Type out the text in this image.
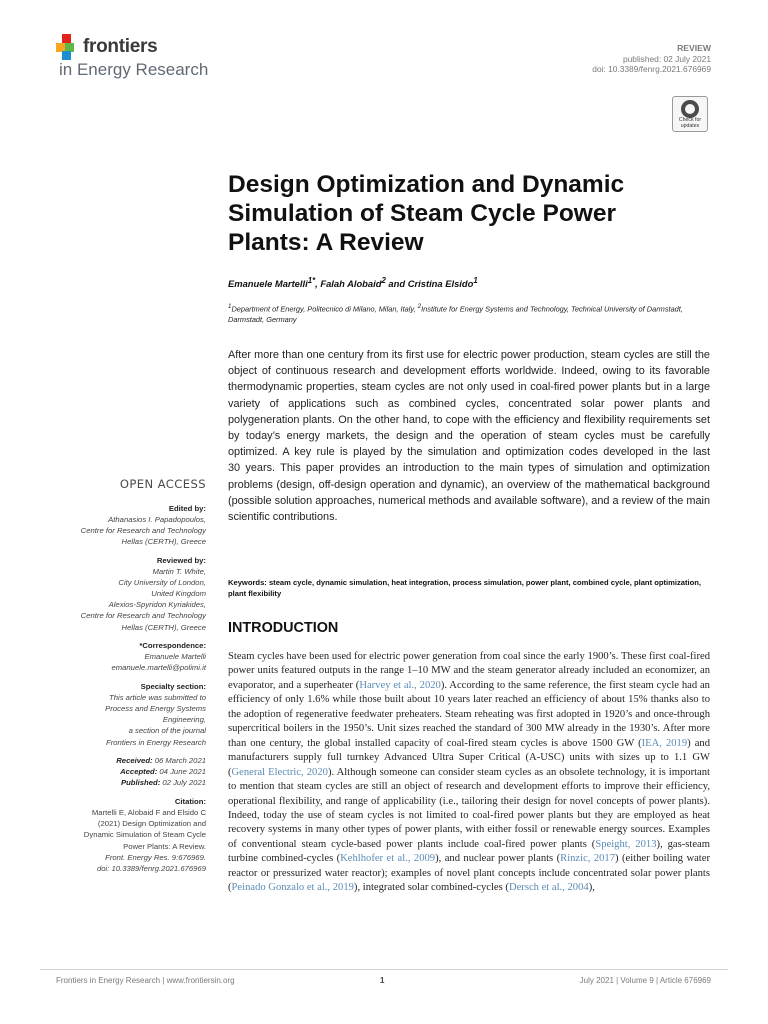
frontiers
in Energy Research
REVIEW
published: 02 July 2021
doi: 10.3389/fenrg.2021.676969
Check for
updates
OPEN ACCESS
Edited by:
Athanasios I. Papadopoulos,
Centre for Research and Technology
Hellas (CERTH), Greece
Reviewed by:
Martin T. White,
City University of London,
United Kingdom
Alexios-Spyridon Kyriakides,
Centre for Research and Technology
Hellas (CERTH), Greece
*Correspondence:
Emanuele Martelli
emanuele.martelli@polimi.it
Specialty section:
This article was submitted to
Process and Energy Systems
Engineering,
a section of the journal
Frontiers in Energy Research
Received: 06 March 2021
Accepted: 04 June 2021
Published: 02 July 2021
Citation:
Martelli E, Alobaid F and Elsido C
(2021) Design Optimization and
Dynamic Simulation of Steam Cycle
Power Plants: A Review.
Front. Energy Res. 9:676969.
doi: 10.3389/fenrg.2021.676969
Design Optimization and Dynamic Simulation of Steam Cycle Power Plants: A Review
Emanuele Martelli$^{1*}$, Falah Alobaid$^2$ and Cristina Elsido$^1$
$^1$Department of Energy, Politecnico di Milano, Milan, Italy, $^2$Institute for Energy Systems and Technology, Technical University of Darmstadt, Darmstadt, Germany

After more than one century from its first use for electric power production, steam cycles are still the object of continuous research and development efforts worldwide. Indeed, owing to its favorable thermodynamic properties, steam cycles are not only used in coal-fired power plants but in a large variety of applications such as combined cycles, concentrated solar power plants and polygeneration plants. On the other hand, to cope with the efficiency and flexibility requirements set by today’s energy markets, the design and the operation of steam cycles must be carefully optimized. A key rule is played by the simulation and optimization codes developed in the last 30 years. This paper provides an introduction to the main types of simulation and optimization problems (design, off-design operation and dynamic), an overview of the mathematical background (possible solution approaches, numerical methods and available software), and a review of the main scientific contributions.

Keywords: steam cycle, dynamic simulation, heat integration, process simulation, power plant, combined cycle, plant optimization, plant flexibility
INTRODUCTION

Steam cycles have been used for electric power generation from coal since the early 1900’s. These first coal-fired power units featured outputs in the range 1–10 MW and the steam generator already included an economizer, an evaporator, and a superheater (Harvey et al., 2020). According to the same reference, the first steam cycle had an efficiency of only 1.6% while those built about 10 years later reached an efficiency of about 15% thanks also to the adoption of regenerative feedwater preheaters. Steam reheating was first adopted in 1920’s and once-through supercritical boilers in the 1950’s. Unit sizes reached the standard of 300 MW already in the 1930’s. After more than one century, the global installed capacity of coal-fired steam cycles is above 1500 GW (IEA, 2019) and manufacturers supply full turnkey Advanced Ultra Super Critical (A-USC) units with sizes up to 1.1 GW (General Electric, 2020). Although someone can consider steam cycles as an obsolete technology, it is important to mention that steam cycles are still an object of research and development efforts to improve their efficiency, operational flexibility, and range of applicability (i.e., tailoring their design for novel concepts of power plants). Indeed, today the use of steam cycles is not limited to coal-fired power plants but they are employed as heat recovery systems in many other types of power plants, with either fossil or renewable energy sources. Examples of conventional steam cycle-based power plants include coal-fired power plants (Speight, 2013), gas-steam turbine combined-cycles (Kehlhofer et al., 2009), and nuclear power plants (Rinzic, 2017) (either boiling water reactor or pressurized water reactor); examples of novel plant concepts include concentrated solar power plants (Peinado Gonzalo et al., 2019), integrated solar combined-cycles (Dersch et al., 2004),

Frontiers in Energy Research | www.frontiersin.org	1	July 2021 | Volume 9 | Article 676969
